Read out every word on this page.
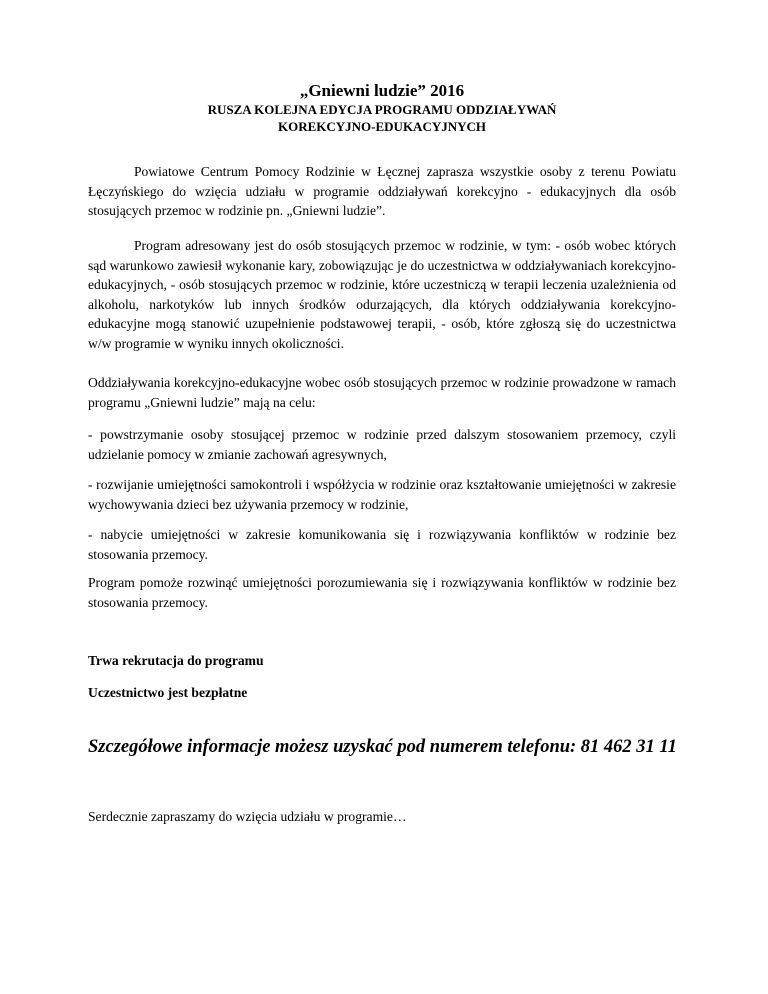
„Gniewni ludzie” 2016
RUSZA KOLEJNA EDYCJA PROGRAMU ODDZIAŁYWAŃ
KOREKCYJNO-EDUKACYJNYCH

Powiatowe Centrum Pomocy Rodzinie w Łęcznej zaprasza wszystkie osoby z terenu Powiatu Łęczyńskiego do wzięcia udziału w programie oddziaływań korekcyjno - edukacyjnych dla osób stosujących przemoc w rodzinie pn. „Gniewni ludzie”.

Program adresowany jest do osób stosujących przemoc w rodzinie, w tym: - osób wobec których sąd warunkowo zawiesił wykonanie kary, zobowiązując je do uczestnictwa w oddziaływaniach korekcyjno-edukacyjnych, - osób stosujących przemoc w rodzinie, które uczestniczą w terapii leczenia uzależnienia od alkoholu, narkotyków lub innych środków odurzających, dla których oddziaływania korekcyjno-edukacyjne mogą stanowić uzupełnienie podstawowej terapii, - osób, które zgłoszą się do uczestnictwa w/w programie w wyniku innych okoliczności.

Oddziaływania korekcyjno-edukacyjne wobec osób stosujących przemoc w rodzinie prowadzone w ramach programu „Gniewni ludzie” mają na celu:

- powstrzymanie osoby stosującej przemoc w rodzinie przed dalszym stosowaniem przemocy, czyli udzielanie pomocy w zmianie zachowań agresywnych,

- rozwijanie umiejętności samokontroli i współżycia w rodzinie oraz kształtowanie umiejętności w zakresie wychowywania dzieci bez używania przemocy w rodzinie,

- nabycie umiejętności w zakresie komunikowania się i rozwiązywania konfliktów w rodzinie bez stosowania przemocy.

Program pomoże rozwinąć umiejętności porozumiewania się i rozwiązywania konfliktów w rodzinie bez stosowania przemocy.

Trwa rekrutacja do programu

Uczestnictwo jest bezpłatne

Szczegółowe informacje możesz uzyskać pod numerem telefonu: 81 462 31 11
Serdecznie zapraszamy do wzięcia udziału w programie…
